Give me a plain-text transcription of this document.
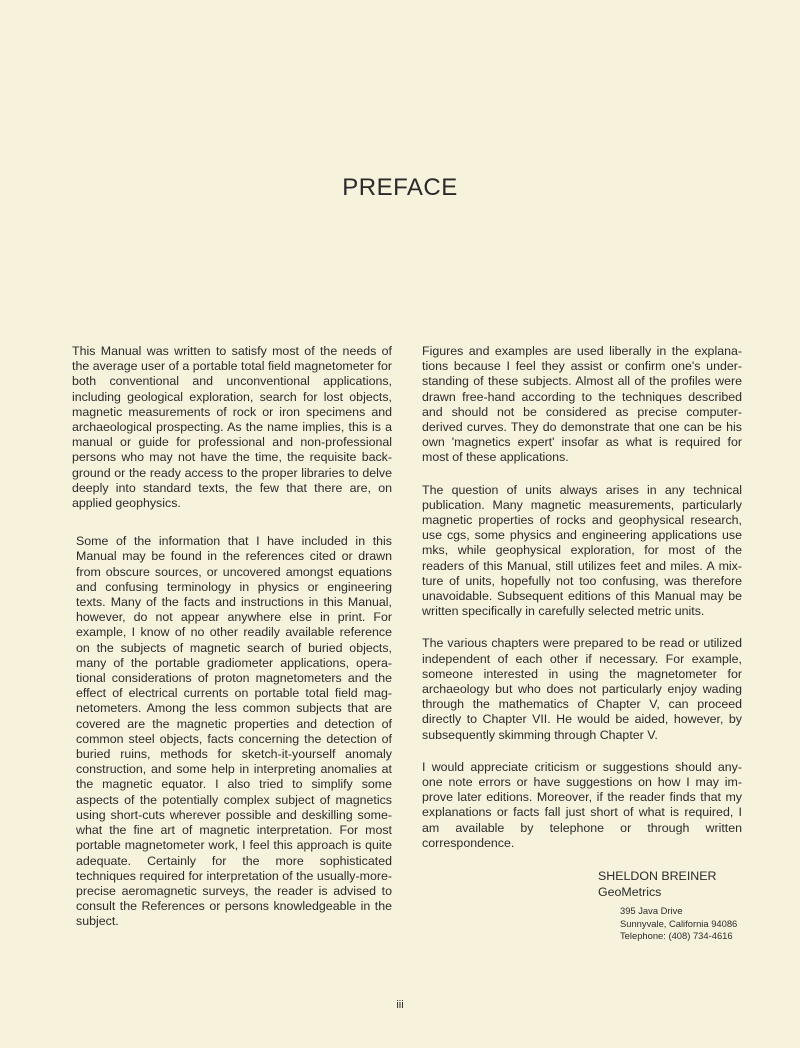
PREFACE

This Manual was written to satisfy most of the needs of the average user of a portable total field magnetometer for both conventional and unconventional applications, including geological exploration, search for lost objects, magnetic measurements of rock or iron specimens and archaeological prospecting. As the name implies, this is a manual or guide for professional and non-professional persons who may not have the time, the requisite back-ground or the ready access to the proper libraries to delve deeply into standard texts, the few that there are, on applied geophysics.

Some of the information that I have included in this Manual may be found in the references cited or drawn from obscure sources, or uncovered amongst equations and confusing terminology in physics or engineering texts. Many of the facts and instructions in this Manual, however, do not appear anywhere else in print. For example, I know of no other readily available reference on the subjects of magnetic search of buried objects, many of the portable gradiometer applications, opera-tional considerations of proton magnetometers and the effect of electrical currents on portable total field mag-netometers. Among the less common subjects that are covered are the magnetic properties and detection of common steel objects, facts concerning the detection of buried ruins, methods for sketch-it-yourself anomaly construction, and some help in interpreting anomalies at the magnetic equator. I also tried to simplify some aspects of the potentially complex subject of magnetics using short-cuts wherever possible and deskilling some-what the fine art of magnetic interpretation. For most portable magnetometer work, I feel this approach is quite adequate. Certainly for the more sophisticated techniques required for interpretation of the usually-more-precise aeromagnetic surveys, the reader is advised to consult the References or persons knowledgeable in the subject.

Figures and examples are used liberally in the explana-tions because I feel they assist or confirm one's under-standing of these subjects. Almost all of the profiles were drawn free-hand according to the techniques described and should not be considered as precise computer-derived curves. They do demonstrate that one can be his own 'magnetics expert' insofar as what is required for most of these applications.

The question of units always arises in any technical publication. Many magnetic measurements, particularly magnetic properties of rocks and geophysical research, use cgs, some physics and engineering applications use mks, while geophysical exploration, for most of the readers of this Manual, still utilizes feet and miles. A mix-ture of units, hopefully not too confusing, was therefore unavoidable. Subsequent editions of this Manual may be written specifically in carefully selected metric units.

The various chapters were prepared to be read or utilized independent of each other if necessary. For example, someone interested in using the magnetometer for archaeology but who does not particularly enjoy wading through the mathematics of Chapter V, can proceed directly to Chapter VII. He would be aided, however, by subsequently skimming through Chapter V.

I would appreciate criticism or suggestions should any-one note errors or have suggestions on how I may im-prove later editions. Moreover, if the reader finds that my explanations or facts fall just short of what is required, I am available by telephone or through written correspondence.

SHELDON BREINER
GeoMetrics
395 Java Drive
Sunnyvale, California 94086
Telephone: (408) 734-4616
iii
